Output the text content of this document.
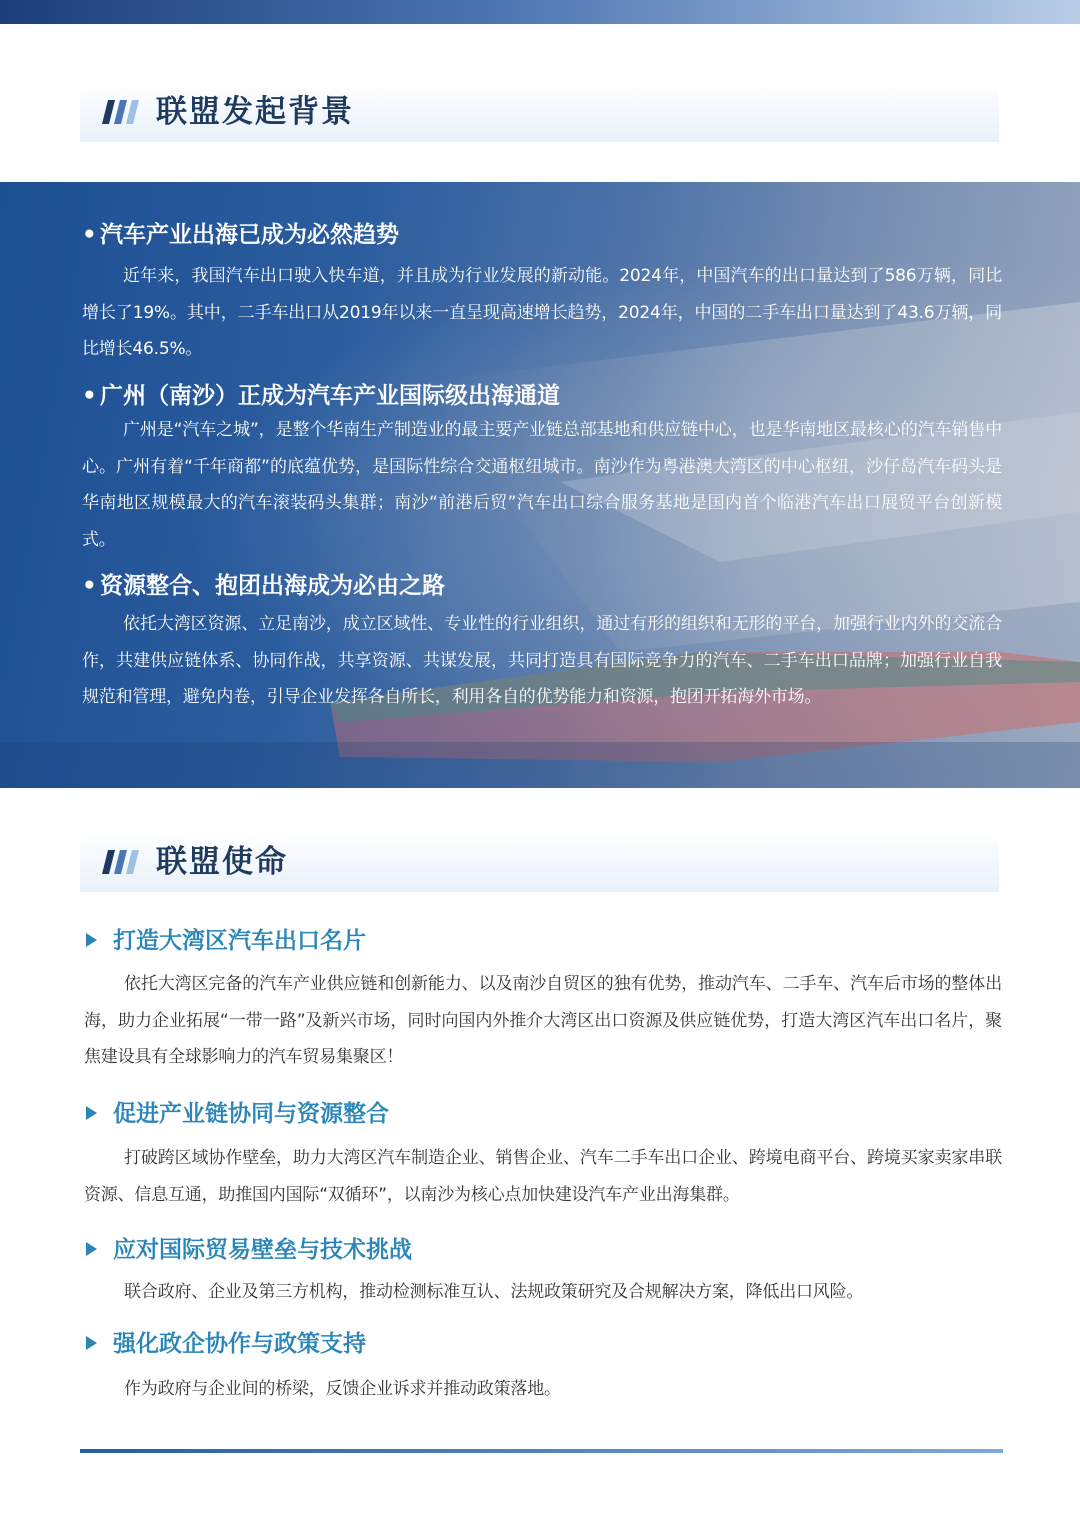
联盟发起背景
• 汽车产业出海已成为必然趋势
近年来，我国汽车出口驶入快车道，并且成为行业发展的新动能。2024年，中国汽车的出口量达到了586万辆，同比增长了19%。其中，二手车出口从2019年以来一直呈现高速增长趋势，2024年，中国的二手车出口量达到了43.6万辆，同比增长46.5%。
• 广州（南沙）正成为汽车产业国际级出海通道
广州是“汽车之城”，是整个华南生产制造业的最主要产业链总部基地和供应链中心，也是华南地区最核心的汽车销售中心。广州有着“千年商都”的底蕴优势，是国际性综合交通枢纽城市。南沙作为粤港澳大湾区的中心枢纽，沙仔岛汽车码头是华南地区规模最大的汽车滚装码头集群；南沙“前港后贸”汽车出口综合服务基地是国内首个临港汽车出口展贸平台创新模式。
• 资源整合、抱团出海成为必由之路
依托大湾区资源、立足南沙，成立区域性、专业性的行业组织，通过有形的组织和无形的平台，加强行业内外的交流合作，共建供应链体系、协同作战，共享资源、共谋发展，共同打造具有国际竞争力的汽车、二手车出口品牌；加强行业自我规范和管理，避免内卷，引导企业发挥各自所长，利用各自的优势能力和资源，抱团开拓海外市场。
联盟使命
打造大湾区汽车出口名片
依托大湾区完备的汽车产业供应链和创新能力、以及南沙自贸区的独有优势，推动汽车、二手车、汽车后市场的整体出海，助力企业拓展“一带一路”及新兴市场，同时向国内外推介大湾区出口资源及供应链优势，打造大湾区汽车出口名片，聚焦建设具有全球影响力的汽车贸易集聚区！
促进产业链协同与资源整合
打破跨区域协作壁垒，助力大湾区汽车制造企业、销售企业、汽车二手车出口企业、跨境电商平台、跨境买家卖家串联资源、信息互通，助推国内国际“双循环”，以南沙为核心点加快建设汽车产业出海集群。
应对国际贸易壁垒与技术挑战
联合政府、企业及第三方机构，推动检测标准互认、法规政策研究及合规解决方案，降低出口风险。
强化政企协作与政策支持
作为政府与企业间的桥梁，反馈企业诉求并推动政策落地。
